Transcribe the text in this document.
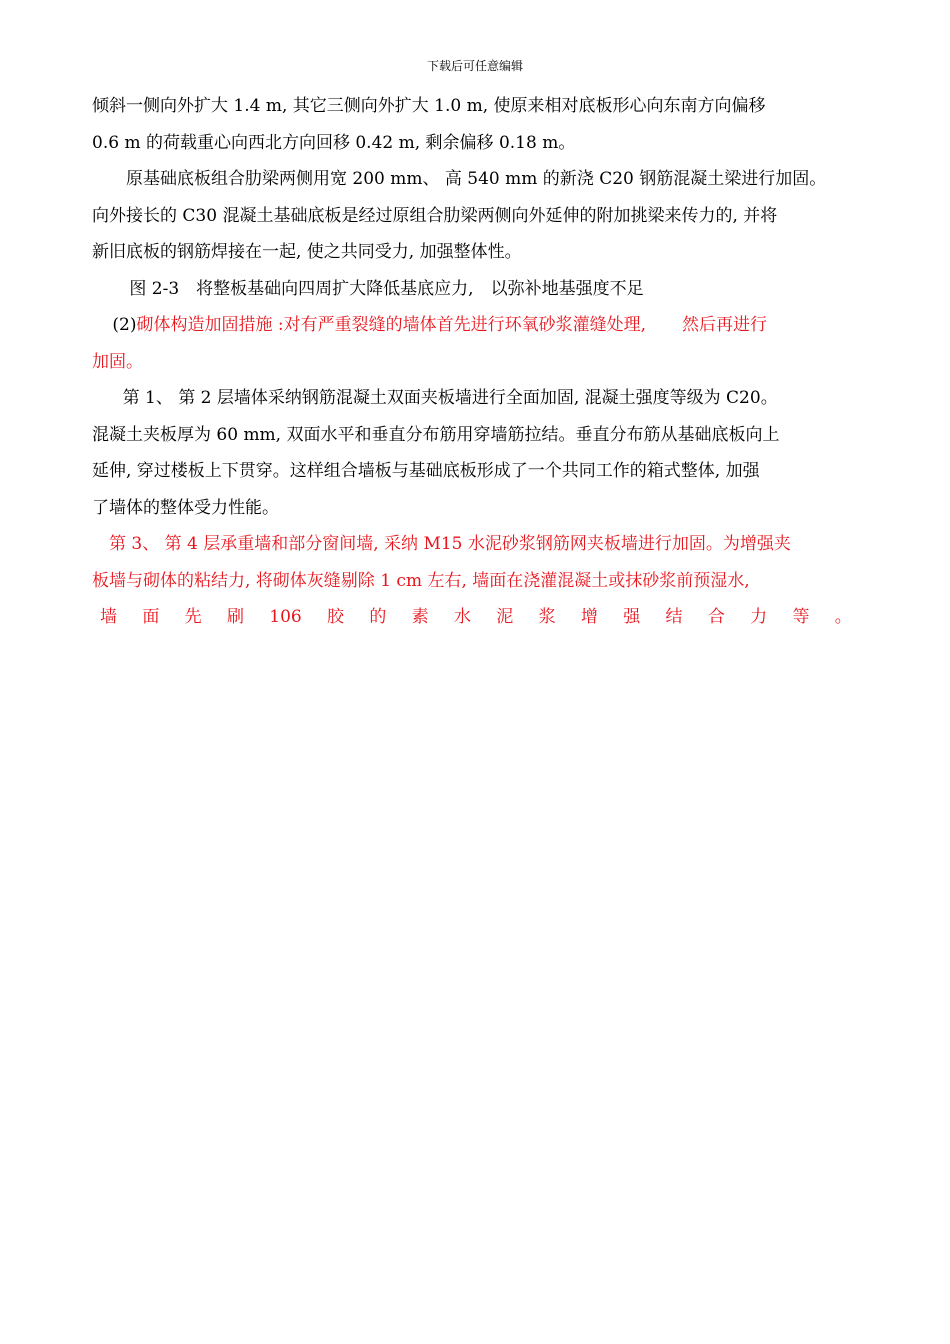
下载后可任意编辑

倾斜一侧向外扩大 1.4 m, 其它三侧向外扩大 1.0 m, 使原来相对底板形心向东南方向偏移
0.6 m 的荷载重心向西北方向回移 0.42 m, 剩余偏移 0.18 m。

原基础底板组合肋梁两侧用宽 200 mm、 高 540 mm 的新浇 C20 钢筋混凝土梁进行加固。
向外接长的 C30 混凝土基础底板是经过原组合肋梁两侧向外延伸的附加挑梁来传力的, 并将
新旧底板的钢筋焊接在一起, 使之共同受力, 加强整体性。

图 2-3　将整板基础向四周扩大降低基底应力,　以弥补地基强度不足

(2)砌体构造加固措施 :对有严重裂缝的墙体首先进行环氧砂浆灌缝处理, 然后再进行
加固。

第 1、 第 2 层墙体采纳钢筋混凝土双面夹板墙进行全面加固, 混凝土强度等级为 C20。
混凝土夹板厚为 60 mm, 双面水平和垂直分布筋用穿墙筋拉结。垂直分布筋从基础底板向上
延伸, 穿过楼板上下贯穿。这样组合墙板与基础底板形成了一个共同工作的箱式整体, 加强
了墙体的整体受力性能。

第 3、 第 4 层承重墙和部分窗间墙, 采纳 M15 水泥砂浆钢筋网夹板墙进行加固。为增强夹
板墙与砌体的粘结力, 将砌体灰缝剔除 1 cm 左右, 墙面在浇灌混凝土或抹砂浆前预湿水,

墙 面 先 刷 106 胶 的 素 水 泥 浆 增 强 结 合 力 等 。
